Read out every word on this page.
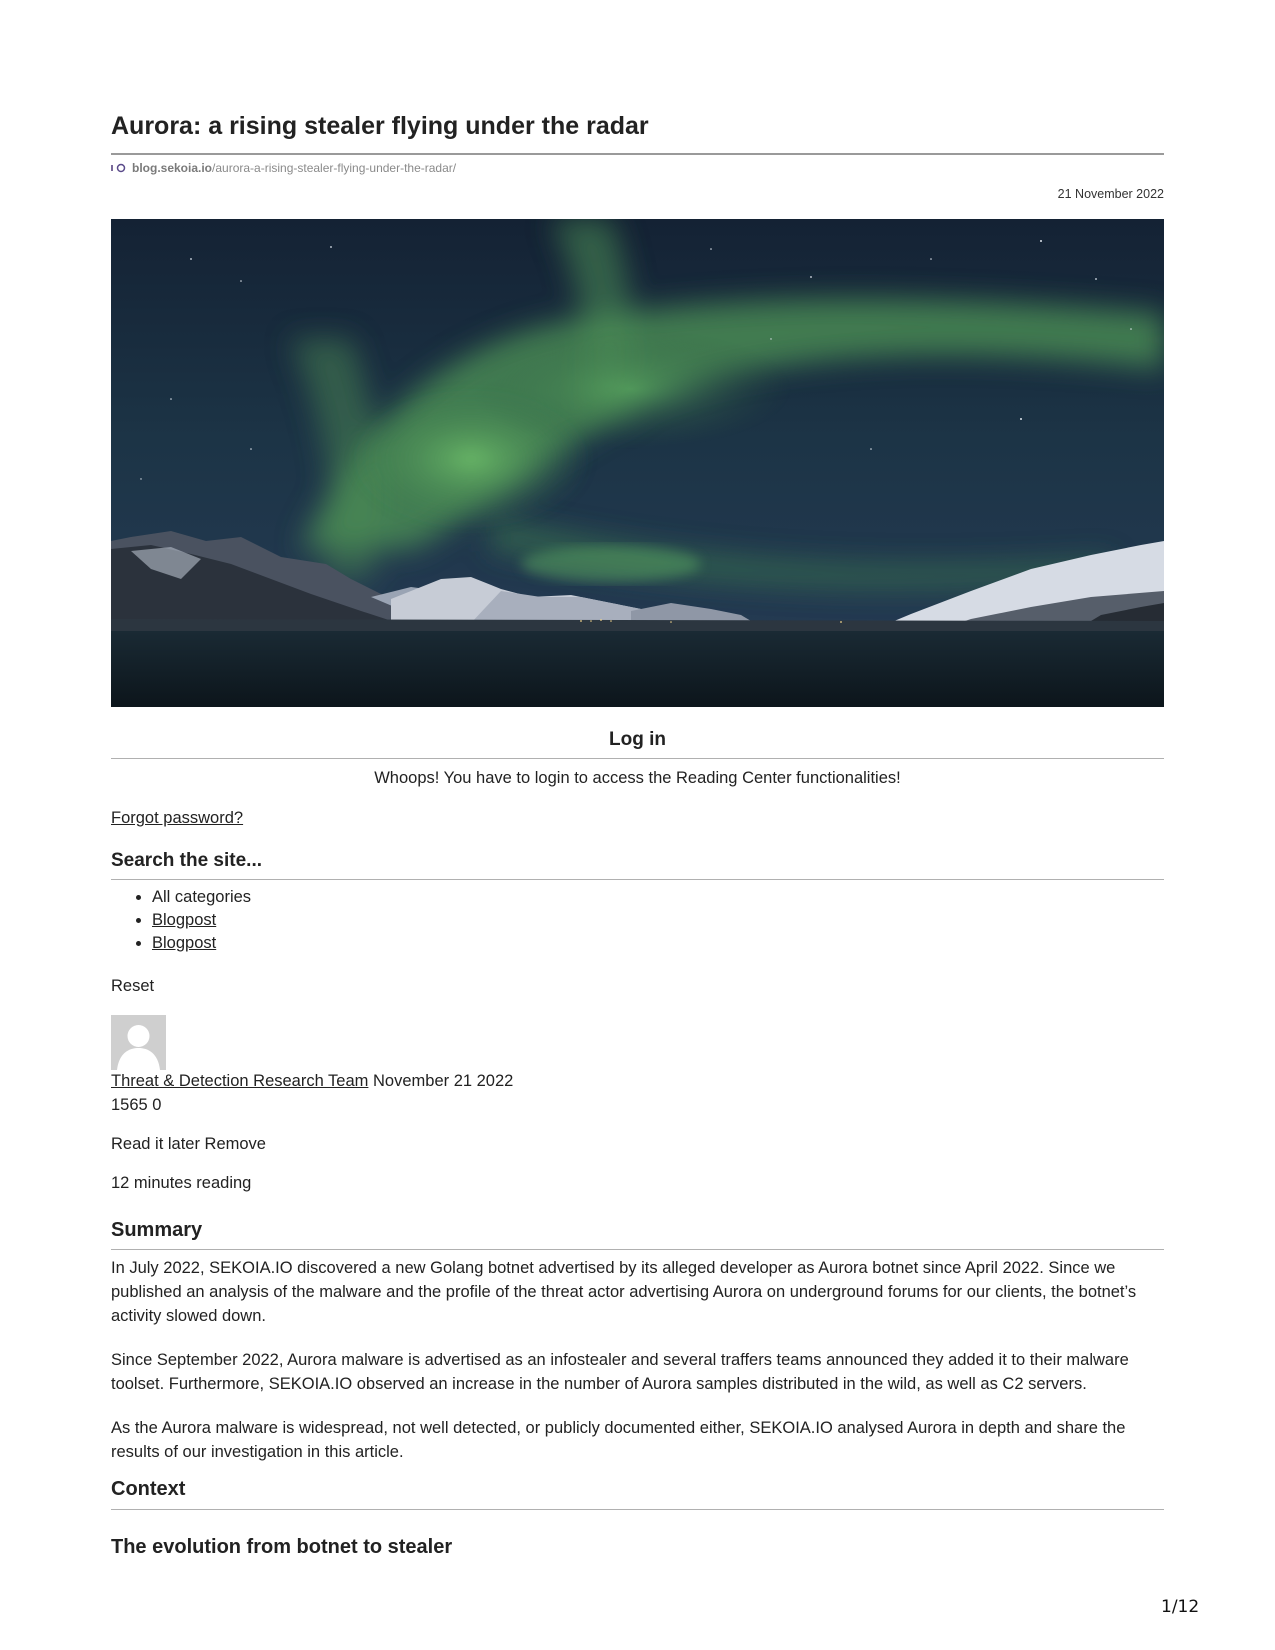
Aurora: a rising stealer flying under the radar
blog.sekoia.io /aurora-a-rising-stealer-flying-under-the-radar/
21 November 2022
Log in
Whoops! You have to login to access the Reading Center functionalities!
Forgot password?
Search the site...
• All categories
• Blogpost
• Blogpost
Reset
Threat & Detection Research Team November 21 2022
1565 0
Read it later Remove
12 minutes reading
Summary

In July 2022, SEKOIA.IO discovered a new Golang botnet advertised by its alleged developer as Aurora botnet since April 2022. Since we published an analysis of the malware and the profile of the threat actor advertising Aurora on underground forums for our clients, the botnet’s activity slowed down.

Since September 2022, Aurora malware is advertised as an infostealer and several traffers teams announced they added it to their malware toolset. Furthermore, SEKOIA.IO observed an increase in the number of Aurora samples distributed in the wild, as well as C2 servers.

As the Aurora malware is widespread, not well detected, or publicly documented either, SEKOIA.IO analysed Aurora in depth and share the results of our investigation in this article.

Context
The evolution from botnet to stealer
1/12
